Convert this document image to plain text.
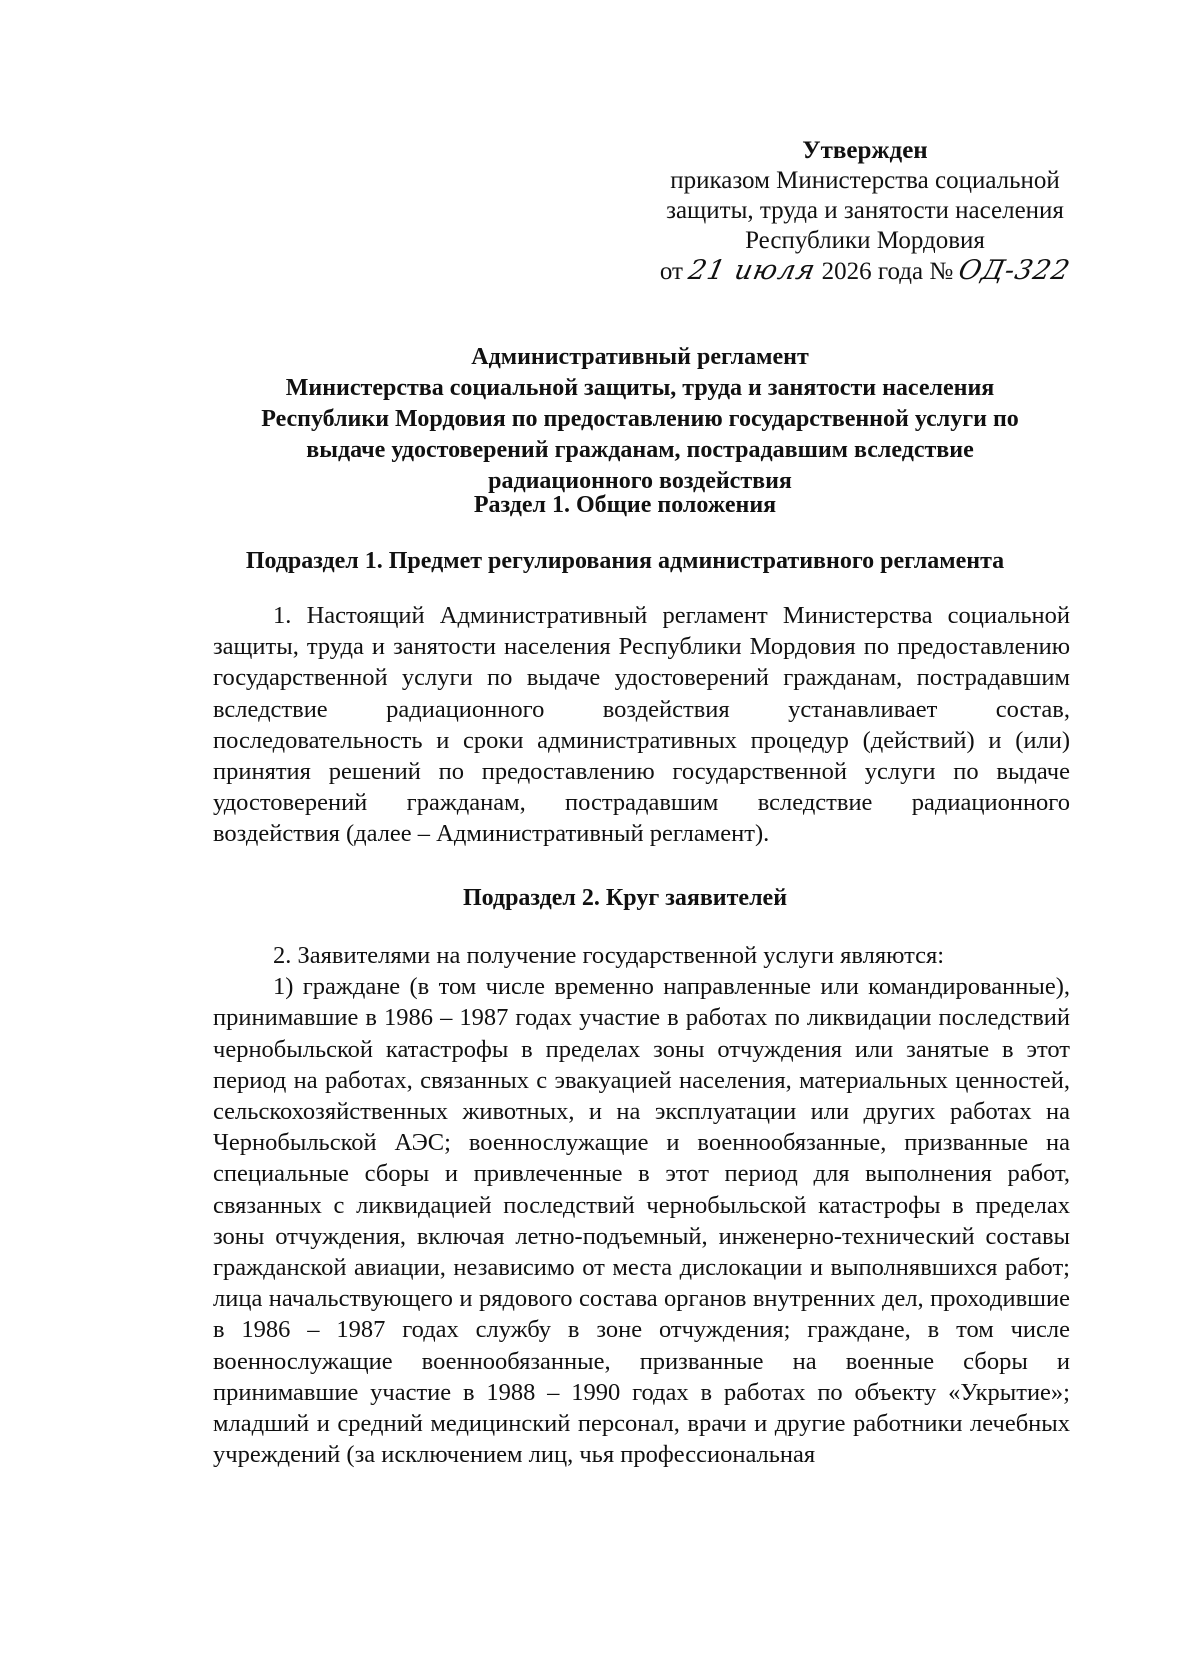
Утвержден
приказом Министерства социальной
защиты, труда и занятости населения
Республики Мордовия
от 21 июля 2026 года № ОД-322
Административный регламент
Министерства социальной защиты, труда и занятости населения
Республики Мордовия по предоставлению государственной услуги по
выдаче удостоверений гражданам, пострадавшим вследствие
радиационного воздействия
Раздел 1. Общие положения
Подраздел 1. Предмет регулирования административного регламента

1. Настоящий Административный регламент Министерства социальной защиты, труда и занятости населения Республики Мордовия по предоставлению государственной услуги по выдаче удостоверений гражданам, пострадавшим вследствие радиационного воздействия устанавливает состав, последовательность и сроки административных процедур (действий) и (или) принятия решений по предоставлению государственной услуги по выдаче удостоверений гражданам, пострадавшим вследствие радиационного воздействия (далее – Административный регламент).

Подраздел 2. Круг заявителей

2. Заявителями на получение государственной услуги являются:

1) граждане (в том числе временно направленные или командированные), принимавшие в 1986 – 1987 годах участие в работах по ликвидации последствий чернобыльской катастрофы в пределах зоны отчуждения или занятые в этот период на работах, связанных с эвакуацией населения, материальных ценностей, сельскохозяйственных животных, и на эксплуатации или других работах на Чернобыльской АЭС; военнослужащие и военнообязанные, призванные на специальные сборы и привлеченные в этот период для выполнения работ, связанных с ликвидацией последствий чернобыльской катастрофы в пределах зоны отчуждения, включая летно-подъемный, инженерно-технический составы гражданской авиации, независимо от места дислокации и выполнявшихся работ; лица начальствующего и рядового состава органов внутренних дел, проходившие в 1986 – 1987 годах службу в зоне отчуждения; граждане, в том числе военнослужащие военнообязанные, призванные на военные сборы и принимавшие участие в 1988 – 1990 годах в работах по объекту «Укрытие»; младший и средний медицинский персонал, врачи и другие работники лечебных учреждений (за исключением лиц, чья профессиональная
